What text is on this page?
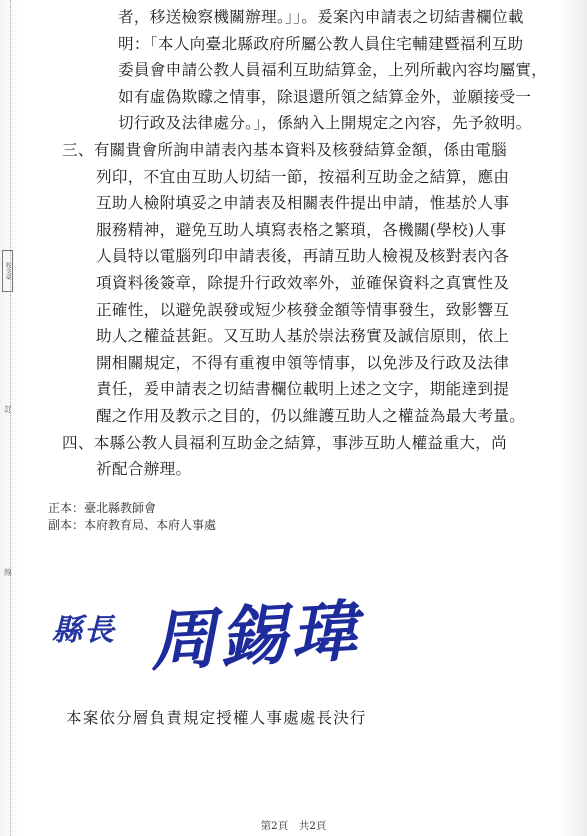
收文章
訂
線
者，移送檢察機關辦理。」」。爰案內申請表之切結書欄位載
明：「本人向臺北縣政府所屬公教人員住宅輔建暨福利互助
委員會申請公教人員福利互助結算金，上列所載內容均屬實，
如有虛偽欺矇之情事，除退還所領之結算金外，並願接受一
切行政及法律處分。」，係納入上開規定之內容，先予敘明。
三、有關貴會所詢申請表內基本資料及核發結算金額，係由電腦
列印，不宜由互助人切結一節，按福利互助金之結算，應由
互助人檢附填妥之申請表及相關表件提出申請，惟基於人事
服務精神，避免互助人填寫表格之繁瑣，各機關(學校)人事
人員特以電腦列印申請表後，再請互助人檢視及核對表內各
項資料後簽章，除提升行政效率外，並確保資料之真實性及
正確性，以避免誤發或短少核發金額等情事發生，致影響互
助人之權益甚鉅。又互助人基於崇法務實及誠信原則，依上
開相關規定，不得有重複申領等情事，以免涉及行政及法律
責任，爰申請表之切結書欄位載明上述之文字，期能達到提
醒之作用及教示之目的，仍以維護互助人之權益為最大考量。
四、本縣公教人員福利互助金之結算，事涉互助人權益重大，尚
祈配合辦理。
正本：臺北縣教師會
副本：本府教育局、本府人事處
縣長 周錫瑋
本案依分層負責規定授權人事處處長決行
第2頁　共2頁
